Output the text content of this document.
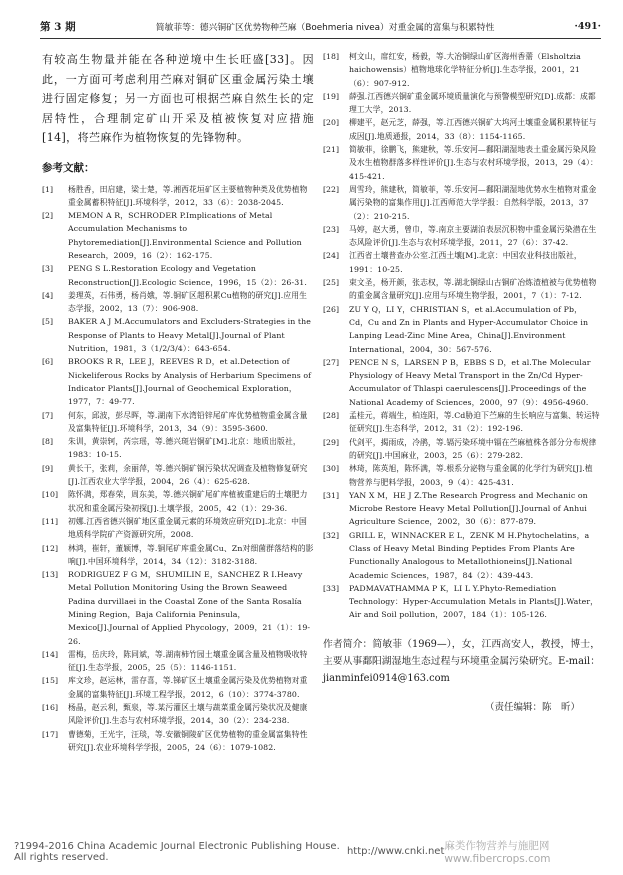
第 3 期	简敏菲等：德兴铜矿区优势物种苎麻（Boehmeria nivea）对重金属的富集与积累特性	·491·

有较高生物量并能在各种逆境中生长旺盛[33]。因此，一方面可考虑利用苎麻对铜矿区重金属污染土壤进行固定修复；另一方面也可根据苎麻自然生长的定居特性，合理制定矿山开采及植被恢复对应措施[14]，将苎麻作为植物恢复的先锋物种。

参考文献：
[1]	杨胜香，田启建，梁士楚，等.湘西花垣矿区主要植物种类及优势植物重金属蓄积特征[J].环境科学，2012，33（6）：2038-2045.
[2]	MEMON A R，SCHRODER P.Implications of Metal Accumulation Mechanisms to Phytoremediation[J].Environmental Science and Pollution Research，2009，16（2）：162-175.
[3]	PENG S L.Restoration Ecology and Vegetation Reconstruction[J].Ecologic Science，1996，15（2）：26-31.
[4]	姜理英，石伟勇，杨肖娥，等.铜矿区超积累Cu植物的研究[J].应用生态学报，2002，13（7）：906-908.
[5]	BAKER A J M.Accumulators and Excluders-Strategies in the Response of Plants to Heavy Metal[J].Journal of Plant Nutrition，1981，3（1/2/3/4）：643-654.
[6]	BROOKS R R，LEE J，REEVES R D，et al.Detection of Nickeliferous Rocks by Analysis of Herbarium Specimens of Indicator Plants[J].Journal of Geochemical Exploration，1977，7：49-77.
[7]	何东，邱波，彭尽晖，等.湖南下水湾铅锌尾矿库优势植物重金属含量及富集特征[J].环境科学，2013，34（9）：3595-3600.
[8]	朱训，黄崇轲，芮宗瑶，等.德兴斑岩铜矿[M].北京：地质出版社，1983：10-15.
[9]	黄长干，张莉，余丽萍，等.德兴铜矿铜污染状况调查及植物修复研究[J].江西农业大学学报，2004，26（4）：625-628.
[10]	陈怀满，郑春荣，周东美，等.德兴铜矿尾矿库植被重建后的土壤肥力状况和重金属污染初探[J].土壤学报，2005，42（1）：29-36.
[11]	初娜.江西省德兴铜矿地区重金属元素的环境效应研究[D].北京：中国地质科学院矿产资源研究所，2008.
[12]	林鸿，崔轩，董颖博，等.铜尾矿库重金属Cu、Zn对细菌群落结构的影响[J].中国环境科学，2014，34（12）：3182-3188.
[13]	RODRIGUEZ F G M，SHUMILIN E，SANCHEZ R I.Heavy Metal Pollution Monitoring Using the Brown Seaweed Padina durvillaei in the Coastal Zone of the Santa Rosalía Mining Region，Baja California Peninsula，Mexico[J].Journal of Applied Phycology，2009，21（1）：19-26.
[14]	雷梅，岳庆玲，陈同斌，等.湖南柿竹园土壤重金属含量及植物吸收特征[J].生态学报，2005，25（5）：1146-1151.
[15]	库文珍，赵运林，雷存喜，等.锑矿区土壤重金属污染及优势植物对重金属的富集特征[J].环境工程学报，2012，6（10）：3774-3780.
[16]	杨晶，赵云利，甄泉，等.某污灌区土壤与蔬菜重金属污染状况及健康风险评价[J].生态与农村环境学报，2014，30（2）：234-238.
[17]	曹德菊，王光宇，汪琰，等.安徽铜陵矿区优势植物的重金属富集特性研究[J].农业环境科学学报，2005，24（6）：1079-1082.
[18]	柯文山，席红安，杨毅，等.大冶铜绿山矿区海州香薷（Elsholtzia haichowensis）植物地球化学特征分析[J].生态学报，2001，21（6）：907-912.
[19]	薛强.江西德兴铜矿重金属环境质量演化与预警模型研究[D].成都：成都理工大学，2013.
[20]	柳建平，赵元芝，薛强，等.江西德兴铜矿大坞河土壤重金属积累特征与成因[J].地质通报，2014，33（8）：1154-1165.
[21]	简敏菲，徐鹏飞，熊建秋，等.乐安河—鄱阳湖湿地表土重金属污染风险及水生植物群落多样性评价[J].生态与农村环境学报，2013，29（4）：415-421.
[22]	周雪玲，熊建秋，简敏菲，等.乐安河—鄱阳湖湿地优势水生植物对重金属污染物的富集作用[J].江西师范大学学报：自然科学版，2013，37（2）：210-215.
[23]	马婷，赵大勇，曾巾，等.南京主要湖泊表层沉积物中重金属污染潜在生态风险评价[J].生态与农村环境学报，2011，27（6）：37-42.
[24]	江西省土壤普查办公室.江西土壤[M].北京：中国农业科技出版社，1991：10-25.
[25]	束文圣，杨开颜，张志权，等.湖北铜绿山古铜矿冶炼渣植被与优势植物的重金属含量研究[J].应用与环境生物学报，2001，7（1）：7-12.
[26]	ZU Y Q，LI Y，CHRISTIAN S，et al.Accumulation of Pb，Cd，Cu and Zn in Plants and Hyper-Accumulator Choice in Lanping Lead-Zinc Mine Area，China[J].Environment International，2004，30：567-576.
[27]	PENCE N S，LARSEN P B，EBBS S D，et al.The Molecular Physiology of Heavy Metal Transport in the Zn/Cd Hyper-Accumulator of Thlaspi caerulescens[J].Proceedings of the National Academy of Sciences，2000，97（9）：4956-4960.
[28]	孟桂元，蒋端生，柏连阳，等.Cd胁迫下苎麻的生长响应与富集、转运特征研究[J].生态科学，2012，31（2）：192-196.
[29]	代剑平，揭雨成，冷鹃，等.镉污染环境中镉在苎麻植株各部分分布规律的研究[J].中国麻业，2003，25（6）：279-282.
[30]	林琦，陈英旭，陈怀满，等.根系分泌物与重金属的化学行为研究[J].植物营养与肥料学报，2003，9（4）：425-431.
[31]	YAN X M，HE J Z.The Research Progress and Mechanic on Microbe Restore Heavy Metal Pollution[J].Journal of Anhui Agriculture Science，2002，30（6）：877-879.
[32]	GRILL E，WINNACKER E L，ZENK M H.Phytochelatins，a Class of Heavy Metal Binding Peptides From Plants Are Functionally Analogous to Metallothioneins[J].National Academic Sciences，1987，84（2）：439-443.
[33]	PADMAVATHAMMA P K，LI L Y.Phyto-Remediation Technology：Hyper-Accumulation Metals in Plants[J].Water，Air and Soil pollution，2007，184（1）：105-126.
作者简介：简敏菲（1969—），女，江西高安人，教授，博士，主要从事鄱阳湖湿地生态过程与环境重金属污染研究。E-mail：jianminfei0914@163.com
（责任编辑：陈　昕）
?1994-2016 China Academic Journal Electronic Publishing House. All rights reserved.	http://www.cnki.net 麻类作物营养与施肥网 www.fibercrops.com
